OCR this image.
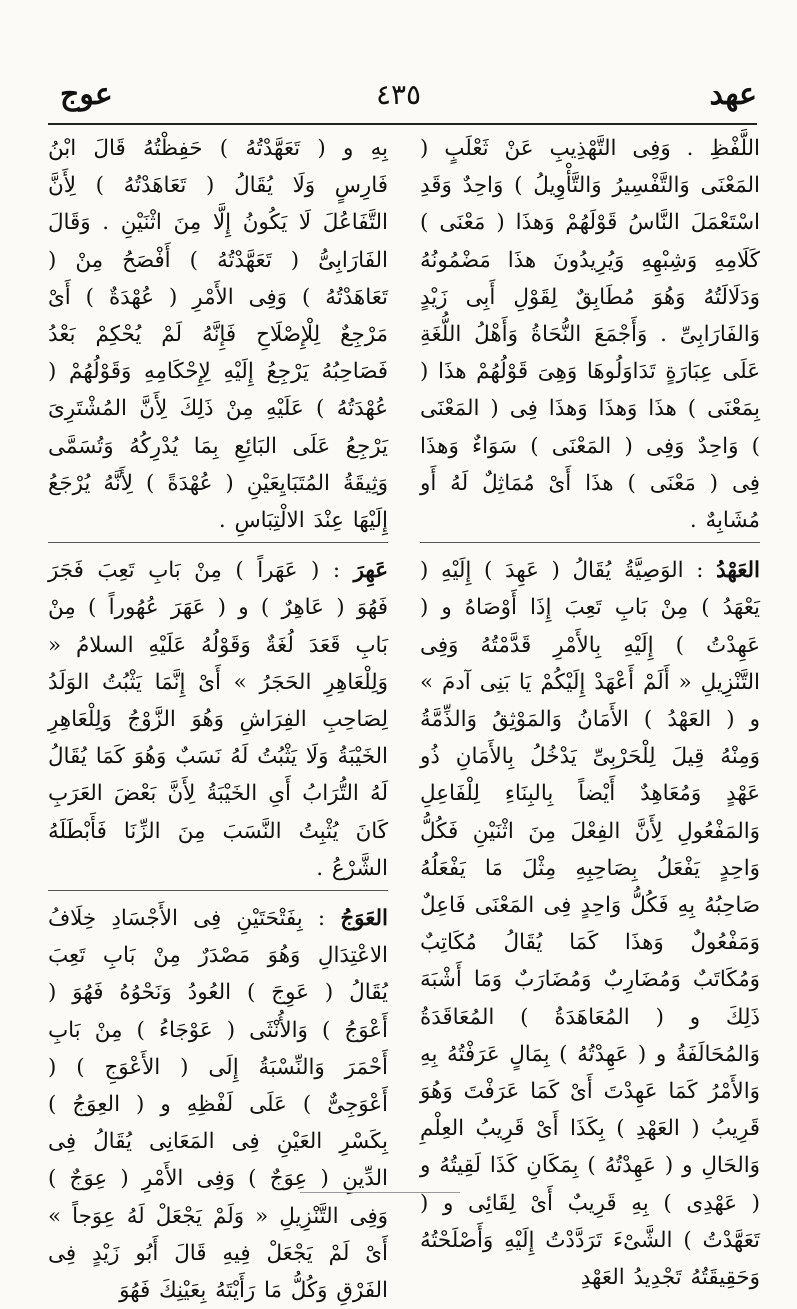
عهد
٤٣٥
عوج

اللَّفْظِ . وَفِى التَّهْذِيبِ عَنْ ثَعْلَبٍ ( المَعْنَى وَالتَّفْسِيرُ وَالتَّأْوِيلُ ) وَاحِدٌ وَقَدِ اسْتَعْمَلَ النَّاسُ قَوْلَهُمْ وَهذَا ( مَعْنَى ) كَلَامِهِ وَشِبْهِهِ وَيُرِيدُونَ هذَا مَضْمُونُهُ وَدَلَالَتُهُ وَهُوَ مُطَابِقٌ لِقَوْلِ أَبِى زَيْدٍ وَالفَارَابِىِّ . وَأَجْمَعَ النُّحَاةُ وَأَهْلُ اللُّغَةِ عَلَى عِبَارَةٍ تَدَاوَلُوهَا وَهِىَ قَوْلُهُمْ هذَا ( بِمَعْنَى ) هذَا وَهذَا وَهذَا فِى ( المَعْنَى ) وَاحِدٌ وَفِى ( المَعْنَى ) سَوَاءٌ وَهذَا فِى ( مَعْنَى ) هذَا أَىْ مُمَاثِلٌ لَهُ أَو مُشَابِهٌ .

العَهْدُ : الوَصِيَّةُ يُقَالُ ( عَهِدَ ) إِلَيْهِ ( يَعْهَدُ ) مِنْ بَابِ تَعِبَ إِذَا أَوْصَاهُ و ( عَهِدْتُ ) إِلَيْهِ بِالأَمْرِ قَدَّمْتُهُ وَفِى التَّنْزِيلِ « أَلَمْ أَعْهَدْ إِلَيْكُمْ يَا بَنِى آدمَ » و ( العَهْدُ ) الأَمَانُ وَالمَوْثِقُ وَالذِّمَّةُ وَمِنْهُ قِيلَ لِلْحَرْبِىِّ يَدْخُلُ بِالأَمَانِ ذُو عَهْدٍ وَمُعَاهِدٌ أَيْضاً بِالبِنَاءِ لِلْفَاعِلِ وَالمَفْعُولِ لِأَنَّ الفِعْلَ مِنَ اثْنَيْنِ فَكُلُّ وَاحِدٍ يَفْعَلُ بِصَاحِبِهِ مِثْلَ مَا يَفْعَلُهُ صَاحِبُهُ بِهِ فَكُلُّ وَاحِدٍ فِى المَعْنَى فَاعِلٌ وَمَفْعُولٌ وَهذَا كَمَا يُقَالُ مُكَاتِبٌ وَمُكَاتَبٌ وَمُضَارِبٌ وَمُضَارَبٌ وَمَا أَشْبَهَ ذَلِكَ و ( المُعَاهَدَةُ ) المُعَاقَدَةُ وَالمُحَالَفَةُ و ( عَهِدْتُهُ ) بِمَالٍ عَرَفْتُهُ بِهِ وَالأَمْرُ كَمَا عَهِدْتَ أَىْ كَمَا عَرَفْتَ وَهُوَ قَرِيبُ ( العَهْدِ ) بِكَذَا أَىْ قَرِيبُ العِلْمِ وَالحَالِ و ( عَهِدْتُهُ ) بِمَكَانِ كَذَا لَقِيتُهُ و ( عَهْدِى ) بِهِ قَرِيبٌ أَىْ لِقَائِى و ( تَعَهَّدْتُ ) الشَّىْءَ تَرَدَّدْتُ إِلَيْهِ وَأَصْلَحْتُهُ وَحَقِيقَتُهُ تَجْدِيدُ العَهْدِ

بِهِ و ( تَعَهَّدْتُهُ ) حَفِظْتُهُ قَالَ ابْنُ فَارِسٍ وَلَا يُقَالُ ( تَعَاهَدْتُهُ ) لِأَنَّ التَّفَاعُلَ لَا يَكُونُ إِلَّا مِنَ اثْنَيْنِ . وَقَالَ الفَارَابِىُّ ( تَعَهَّدْتُهُ ) أَفْصَحُ مِنْ ( تَعَاهَدْتُهُ ) وَفِى الأَمْرِ ( عُهْدَةٌ ) أَىْ مَرْجِعٌ لِلْإِصْلَاحِ فَإِنَّهُ لَمْ يُحْكِمْ بَعْدُ فَصَاحِبُهُ يَرْجِعُ إِلَيْهِ لِإِحْكَامِهِ وَقَوْلُهُمْ ( عُهْدَتُهُ ) عَلَيْهِ مِنْ ذَلِكَ لِأَنَّ المُشْتَرِىَ يَرْجِعُ عَلَى البَائِعِ بِمَا يُدْرِكُهُ وَتُسَمَّى وَثِيقَةُ المُتَبَايِعَيْنِ ( عُهْدَةً ) لِأَنَّهُ يُرْجَعُ إِلَيْهَا عِنْدَ الالْتِبَاسِ .

عَهِرَ : ( عَهَراً ) مِنْ بَابِ تَعِبَ فَجَرَ فَهُوَ ( عَاهِرٌ ) و ( عَهَرَ عُهُوراً ) مِنْ بَابِ قَعَدَ لُغَةٌ وَقَوْلُهُ عَلَيْهِ السلامُ « وَلِلْعَاهِرِ الحَجَرُ » أَىْ إِنَّمَا يَثْبُتُ الوَلَدُ لِصَاحِبِ الفِرَاشِ وَهُوَ الزَّوْجُ وَلِلْعَاهِرِ الخَيْبَةُ وَلَا يَثْبُتُ لَهُ نَسَبٌ وَهُوَ كَمَا يُقَالُ لَهُ التُّرَابُ أَىِ الخَيْبَةُ لِأَنَّ بَعْضَ العَرَبِ كَانَ يُثْبِتُ النَّسَبَ مِنَ الزِّنَا فَأَبْطَلَهُ الشَّرْعُ .

العَوَجُ : بِفَتْحَتَيْنِ فِى الأَجْسَادِ خِلَافُ الاعْتِدَالِ وَهُوَ مَصْدَرٌ مِنْ بَابِ تَعِبَ يُقَالُ ( عَوِجَ ) العُودُ وَنَحْوُهُ فَهُوَ ( أَعْوَجُ ) وَالأُنْثَى ( عَوْجَاءُ ) مِنْ بَابِ أَحْمَرَ وَالنِّسْبَةُ إِلَى ( الأَعْوَجِ ) ( أَعْوَجِىٌّ ) عَلَى لَفْظِهِ و ( العِوَجُ ) بِكَسْرِ العَيْنِ فِى المَعَانِى يُقَالُ فِى الدِّينِ ( عِوَجٌ ) وَفِى الأَمْرِ ( عِوَجٌ ) وَفِى التَّنْزِيلِ « وَلَمْ يَجْعَلْ لَهُ عِوَجاً » أَىْ لَمْ يَجْعَلْ فِيهِ قَالَ أَبُو زَيْدٍ فِى الفَرْقِ وَكُلُّ مَا رَأَيْتَهُ بِعَيْنِكَ فَهُوَ
